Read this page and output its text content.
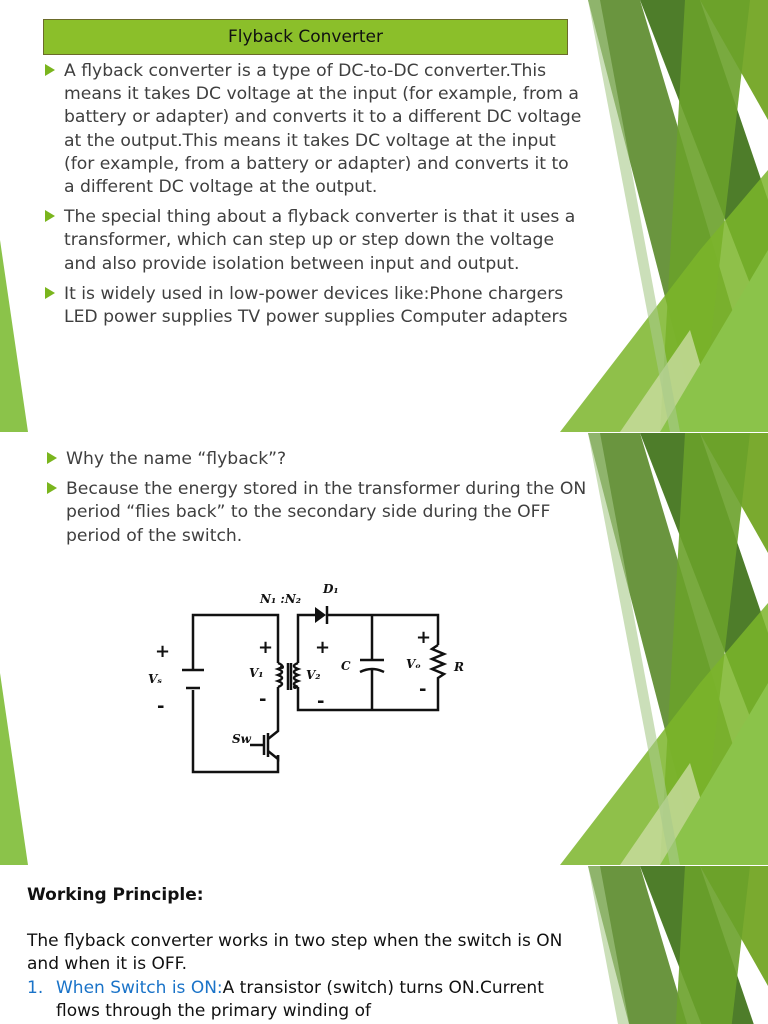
Flyback Converter
A flyback converter is a type of DC-to-DC converter.This means it takes DC voltage at the input (for example, from a battery or adapter) and converts it to a different DC voltage at the output.This means it takes DC voltage at the input (for example, from a battery or adapter) and converts it to a different DC voltage at the output.
The special thing about a flyback converter is that it uses a transformer, which can step up or step down the voltage and also provide isolation between input and output.
It is widely used in low-power devices like:Phone chargers LED power supplies TV power supplies Computer adapters
Why the name “flyback”?
Because the energy stored in the transformer during the ON period “flies back” to the secondary side during the OFF period of the switch.
N₁ :N₂
D₁
Vₛ	V₁	V₂
C	Vₒ	R
Sw
+
-
+
-
+
-
+
-
Working Principle:
The flyback converter works in two step when the switch is ON and when it is OFF.
1. When Switch is ON:A transistor (switch) turns ON.Current flows through the primary winding of
